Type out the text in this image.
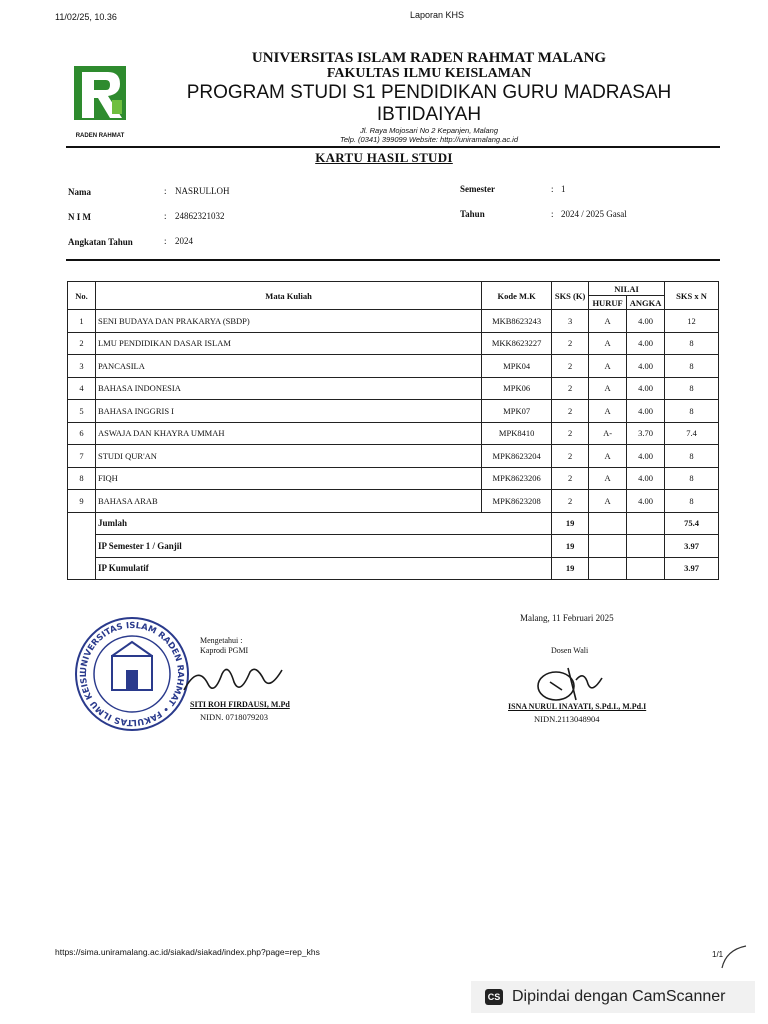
11/02/25, 10.36	Laporan KHS
RADEN RAHMAT
UNIVERSITAS ISLAM RADEN RAHMAT MALANG
FAKULTAS ILMU KEISLAMAN
PROGRAM STUDI S1 PENDIDIKAN GURU MADRASAH
IBTIDAIYAH
Jl. Raya Mojosari No 2 Kepanjen, Malang
Telp. (0341) 399099 Website: http://uniramalang.ac.id
KARTU HASIL STUDI
Nama	: NASRULLOH
N I M	: 24862321032
Angkatan Tahun	: 2024
Semester	: 1
Tahun	: 2024 / 2025 Gasal
No.	Mata Kuliah	Kode M.K	SKS (K)	NILAI		SKS x N
				HURUF	ANGKA	
1	SENI BUDAYA DAN PRAKARYA (SBDP)	MKB8623243	3	A	4.00	12
2	LMU PENDIDIKAN DASAR ISLAM	MKK8623227	2	A	4.00	8
3	PANCASILA	MPK04	2	A	4.00	8
4	BAHASA INDONESIA	MPK06	2	A	4.00	8
5	BAHASA INGGRIS I	MPK07	2	A	4.00	8
6	ASWAJA DAN KHAYRA UMMAH	MPK8410	2	A-	3.70	7.4
7	STUDI QUR'AN	MPK8623204	2	A	4.00	8
8	FIQH	MPK8623206	2	A	4.00	8
9	BAHASA ARAB	MPK8623208	2	A	4.00	8
	Jumlah		19			75.4
	IP Semester 1 / Ganjil		19			3.97
	IP Kumulatif		19			3.97
Malang, 11 Februari 2025
UNIVERSITAS ISLAM RADEN RAHMAT • FAKULTAS ILMU KEISL
Mengetahui :
Kaprodi PGMI
SITI ROH FIRDAUSI, M.Pd
NIDN. 0718079203
Dosen Wali
ISNA NURUL INAYATI, S.Pd.I., M.Pd.I
NIDN.2113048904
https://sima.uniramalang.ac.id/siakad/siakad/index.php?page=rep_khs	1/1
CS Dipindai dengan CamScanner
